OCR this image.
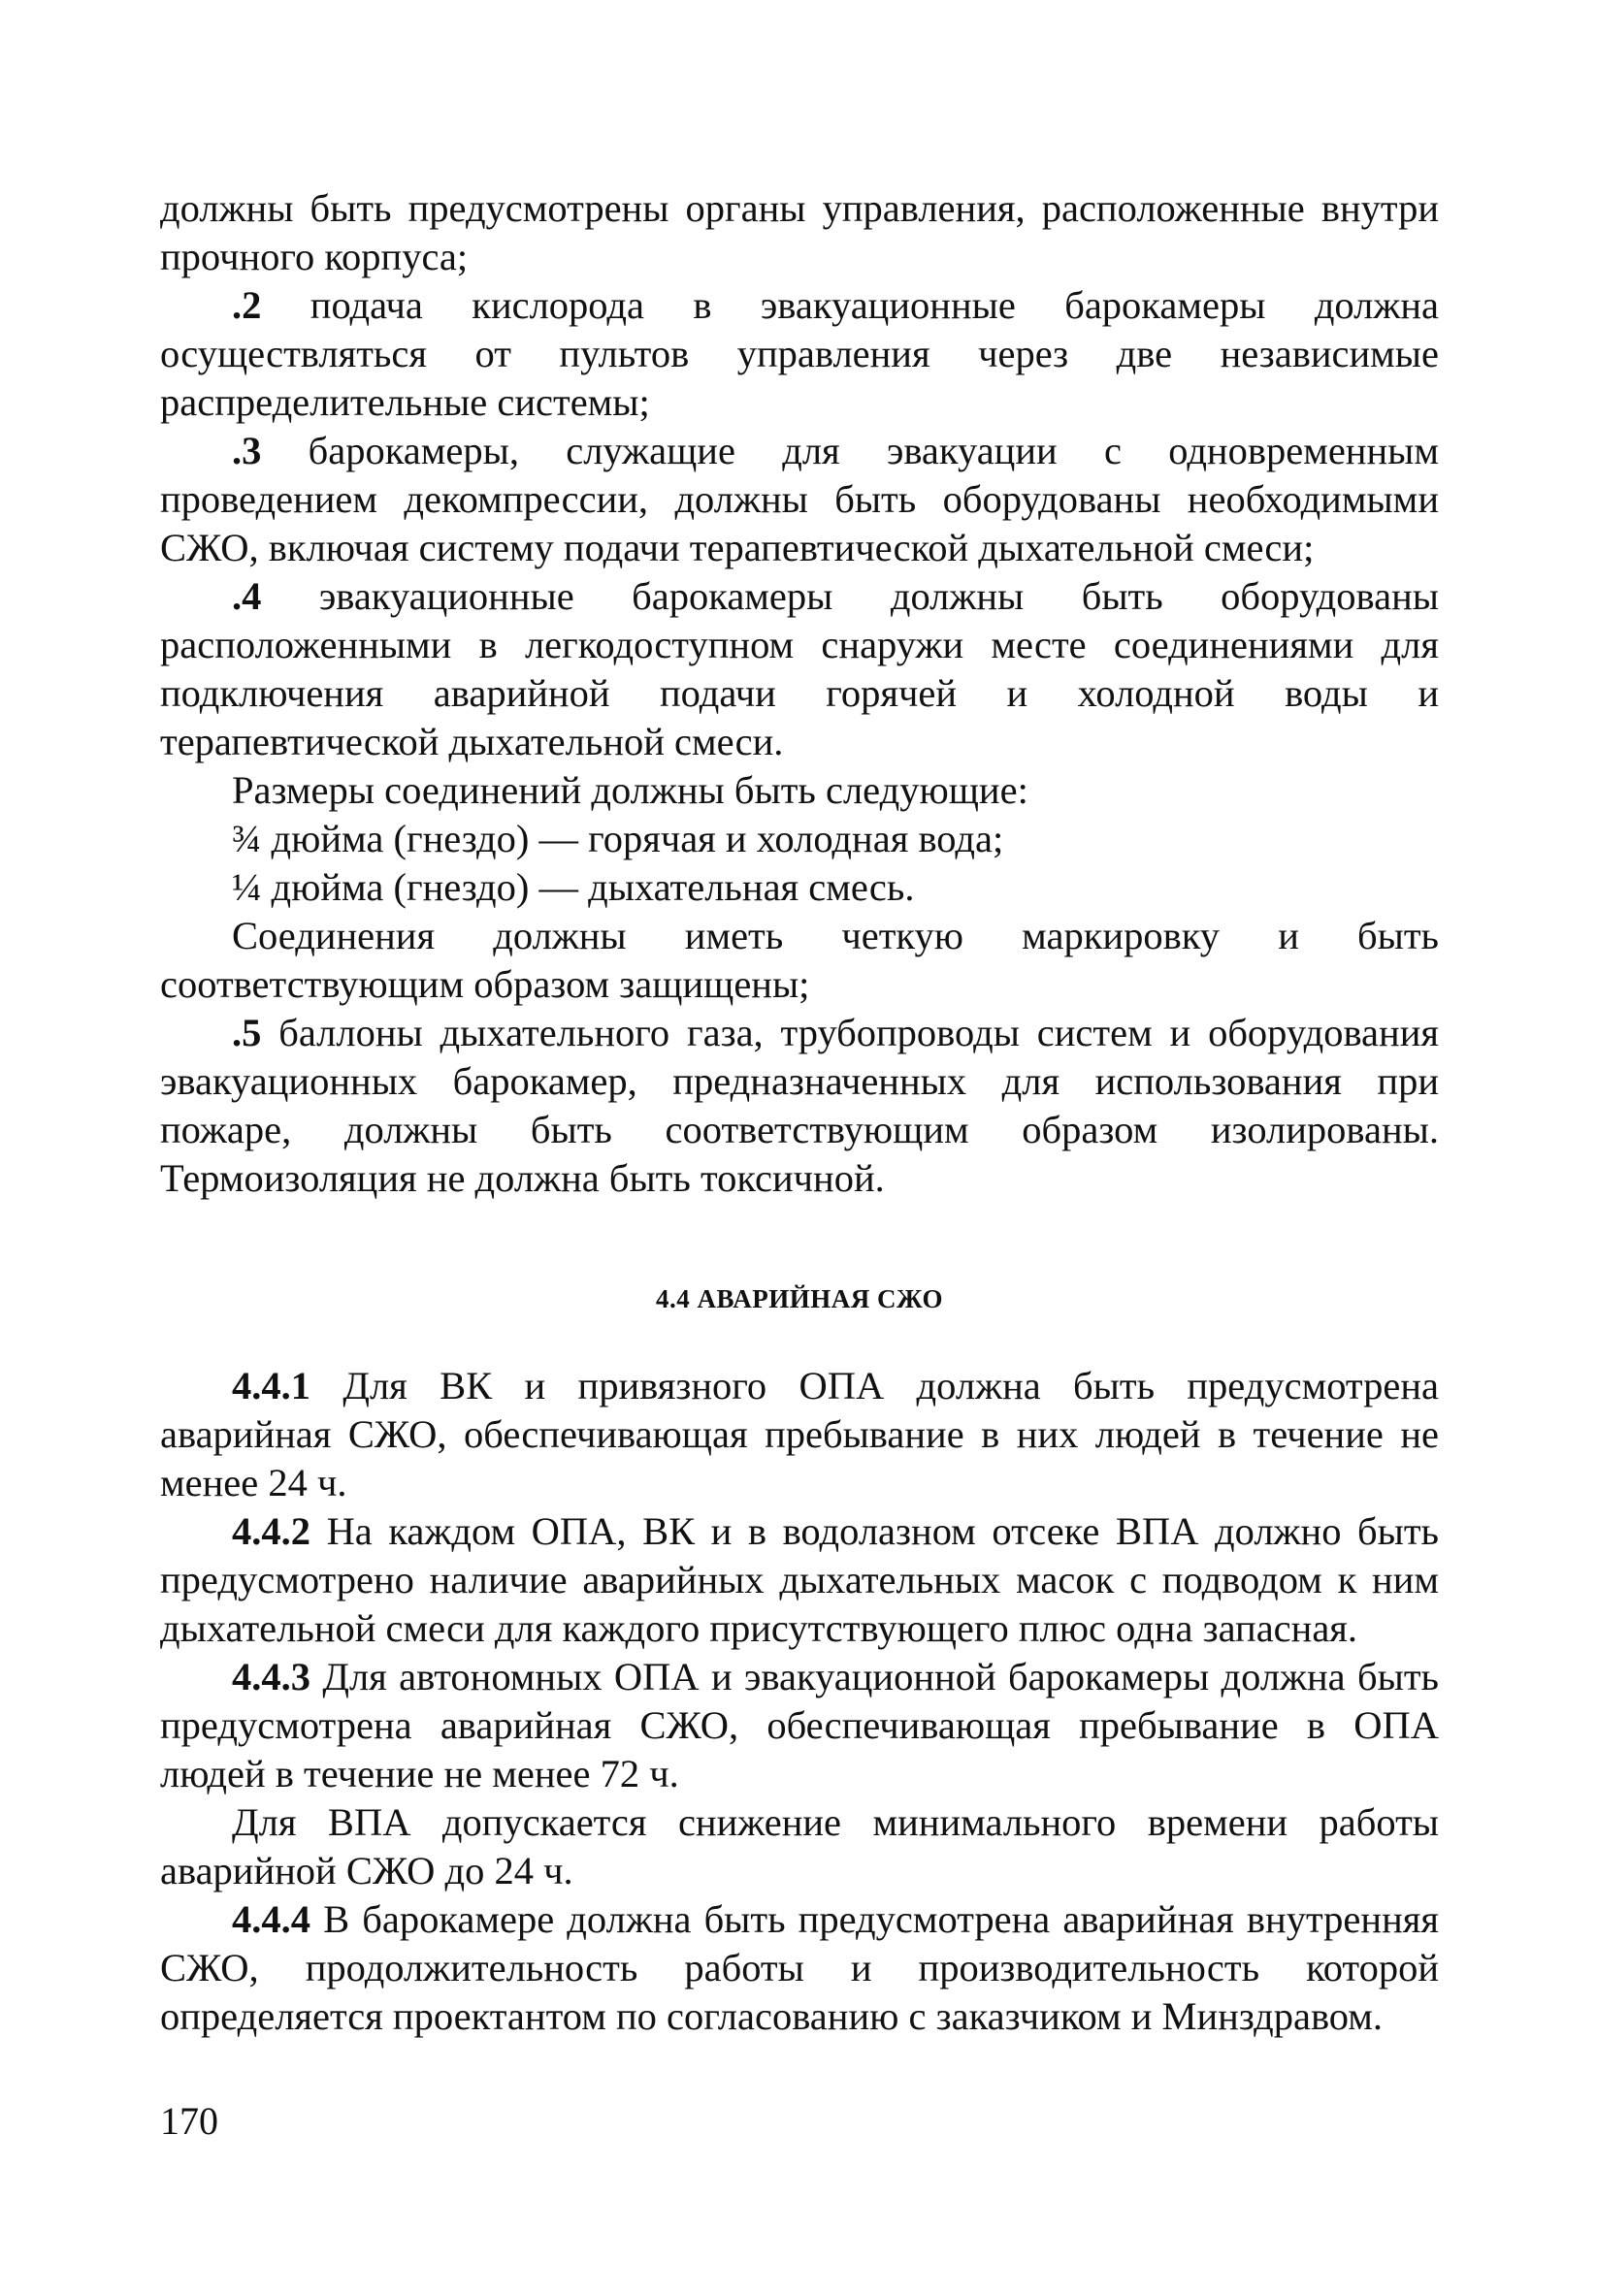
должны быть предусмотрены органы управления, расположенные внутри прочного корпуса;

.2 подача кислорода в эвакуационные барокамеры должна осуществляться от пультов управления через две независимые распределительные системы;

.3 барокамеры, служащие для эвакуации с одновременным проведением декомпрессии, должны быть оборудованы необходимыми СЖО, включая систему подачи терапевтической дыхательной смеси;

.4 эвакуационные барокамеры должны быть оборудованы расположенными в легкодоступном снаружи месте соединениями для подключения аварийной подачи горячей и холодной воды и терапевтической дыхательной смеси.

Размеры соединений должны быть следующие:

¾ дюйма (гнездо) — горячая и холодная вода;

¼ дюйма (гнездо) — дыхательная смесь.

Соединения должны иметь четкую маркировку и быть соответствующим образом защищены;

.5 баллоны дыхательного газа, трубопроводы систем и оборудования эвакуационных барокамер, предназначенных для использования при пожаре, должны быть соответствующим образом изолированы. Термоизоляция не должна быть токсичной.

4.4 АВАРИЙНАЯ СЖО

4.4.1 Для ВК и привязного ОПА должна быть предусмотрена аварийная СЖО, обеспечивающая пребывание в них людей в течение не менее 24 ч.

4.4.2 На каждом ОПА, ВК и в водолазном отсеке ВПА должно быть предусмотрено наличие аварийных дыхательных масок с подводом к ним дыхательной смеси для каждого присутствующего плюс одна запасная.

4.4.3 Для автономных ОПА и эвакуационной барокамеры должна быть предусмотрена аварийная СЖО, обеспечивающая пребывание в ОПА людей в течение не менее 72 ч.

Для ВПА допускается снижение минимального времени работы аварийной СЖО до 24 ч.

4.4.4 В барокамере должна быть предусмотрена аварийная внутренняя СЖО, продолжительность работы и производительность которой определяется проектантом по согласованию с заказчиком и Минздравом.

170
